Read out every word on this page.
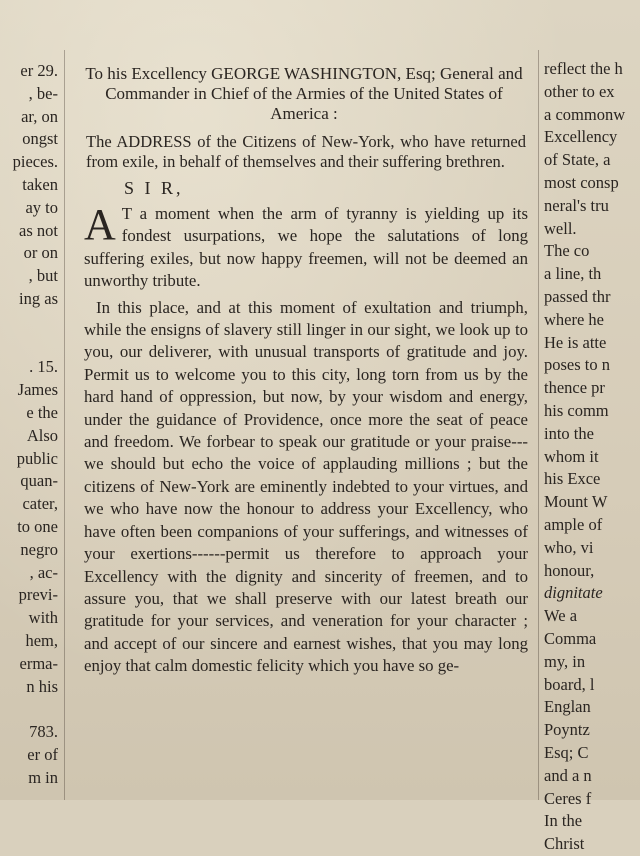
er 29.
, be-
ar, on
ongst
pieces.
taken
ay to
as not
or on
, but
ing as

. 15.
James
e the
Also
public
quan-
cater,
to one
negro
, ac-
previ-
with
hem,
erma-
n his

783.
er of
m in
To his Excellency GEORGE WASHINGTON, Esq; General and Commander in Chief of the Armies of the United States of America :
The ADDRESS of the Citizens of New-York, who have returned from exile, in behalf of themselves and their suffering brethren.
S I R,
A T a moment when the arm of tyranny is yielding up its fondest usurpations, we hope the salutations of long suffering exiles, but now happy freemen, will not be deemed an unworthy tribute.
In this place, and at this moment of exultation and triumph, while the ensigns of slavery still linger in our sight, we look up to you, our deliverer, with unusual transports of gratitude and joy. Permit us to welcome you to this city, long torn from us by the hard hand of oppression, but now, by your wisdom and energy, under the guidance of Providence, once more the seat of peace and freedom. We forbear to speak our gratitude or your praise---we should but echo the voice of applauding millions ; but the citizens of New-York are eminently indebted to your virtues, and we who have now the honour to address your Excellency, who have often been companions of your sufferings, and witnesses of your exertions------permit us therefore to approach your Excellency with the dignity and sincerity of freemen, and to assure you, that we shall preserve with our latest breath our gratitude for your services, and veneration for your character ; and accept of our sincere and earnest wishes, that you may long enjoy that calm domestic felicity which you have so ge-
reflect the h
other to ex
a commonw
Excellency
of State, a
most consp
neral's tru
well.
The co
a line, th
passed thr
where he
He is atte
poses to n
thence pr
his comm
into the
whom it
his Exce
Mount W
ample of
who, vi
honour,
dignitate
We a
Comma
my, in
board, l
Englan
Poyntz
Esq; C
and a n
Ceres f
In the
Christ
